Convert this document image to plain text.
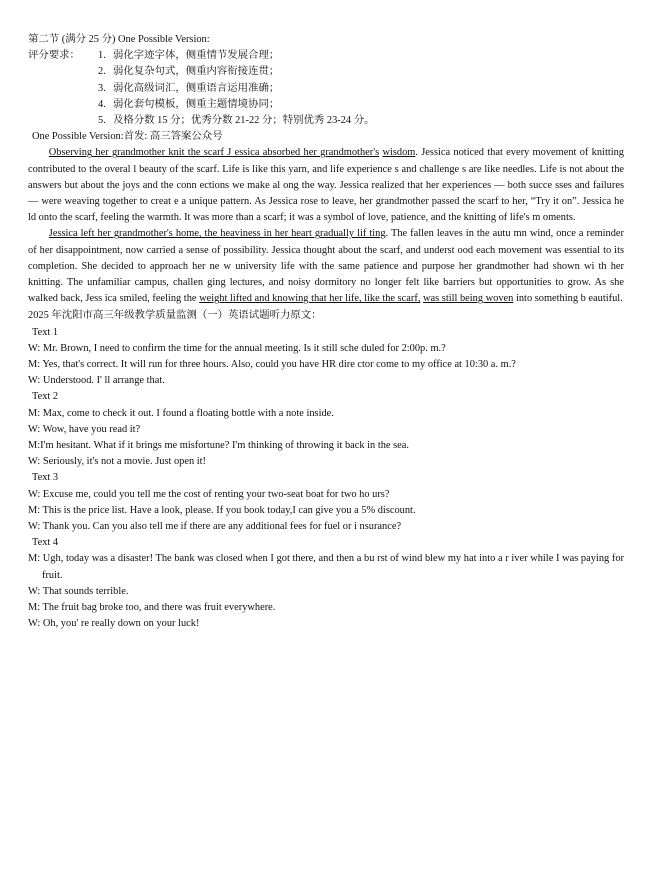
第二节 (满分 25 分) One Possible Version:
评分要求： 1. 弱化字迹字体，侧重情节发展合理；
2. 弱化复杂句式，侧重内容衔接连贯；
3. 弱化高级词汇，侧重语言运用准确；
4. 弱化套句模板，侧重主题情境协同；
5. 及格分数 15 分；优秀分数 21-22 分；特别优秀 23-24 分。
One Possible Version:首发: 高三答案公众号

Observing her grandmother knit the scarf J essica absorbed her grandmother's wisdom. Jessica noticed that every movement of knitting contributed to the overal l beauty of the scarf. Life is like this yarn, and life experience s and challenge s are like needles. Life is not about the answers but about the joys and the conn ections we make al ong the way. Jessica realized that her experiences — both succe sses and failures — were weaving together to creat e a unique pattern. As Jessica rose to leave, her grandmother passed the scarf to her, “Try it on”. Jessica he ld onto the scarf, feeling the warmth. It was more than a scarf; it was a symbol of love, patience, and the knitting of life's m oments.

Jessica left her grandmother's home, the heaviness in her heart gradually lif ting. The fallen leaves in the autu mn wind, once a reminder of her disappointment, now carried a sense of possibility. Jessica thought about the scarf, and underst ood each movement was essential to its completion. She decided to approach her ne w university life with the same patience and purpose her grandmother had shown wi th her knitting. The unfamiliar campus, challen ging lectures, and noisy dormitory no longer felt like barriers but opportunities to grow. As she walked back, Jess ica smiled, feeling the weight lifted and knowing that her life, like the scarf, was still being woven into something b eautiful.

2025 年沈阳市高三年级教学质量监测（一）英语试题听力原文：
Text 1
W: Mr. Brown, I need to confirm the time for the annual meeting. Is it still sche duled for 2:00p. m.?
M: Yes, that's correct. It will run for three hours. Also, could you have HR dire ctor come to my office at 10:30 a. m.?
W: Understood. I' ll arrange that.
Text 2
M: Max, come to check it out. I found a floating bottle with a note inside.
W: Wow, have you read it?
M:I'm hesitant. What if it brings me misfortune? I'm thinking of throwing it back in the sea.
W: Seriously, it's not a movie. Just open it!
Text 3
W: Excuse me, could you tell me the cost of renting your two-seat boat for two ho urs?
M: This is the price list. Have a look, please. If you book today,I can give you a 5% discount.
W: Thank you. Can you also tell me if there are any additional fees for fuel or i nsurance?
Text 4
M: Ugh, today was a disaster! The bank was closed when I got there, and then a bu rst of wind blew my hat into a r iver while I was paying for fruit.
W: That sounds terrible.
M: The fruit bag broke too, and there was fruit everywhere.
W: Oh, you' re really down on your luck!
